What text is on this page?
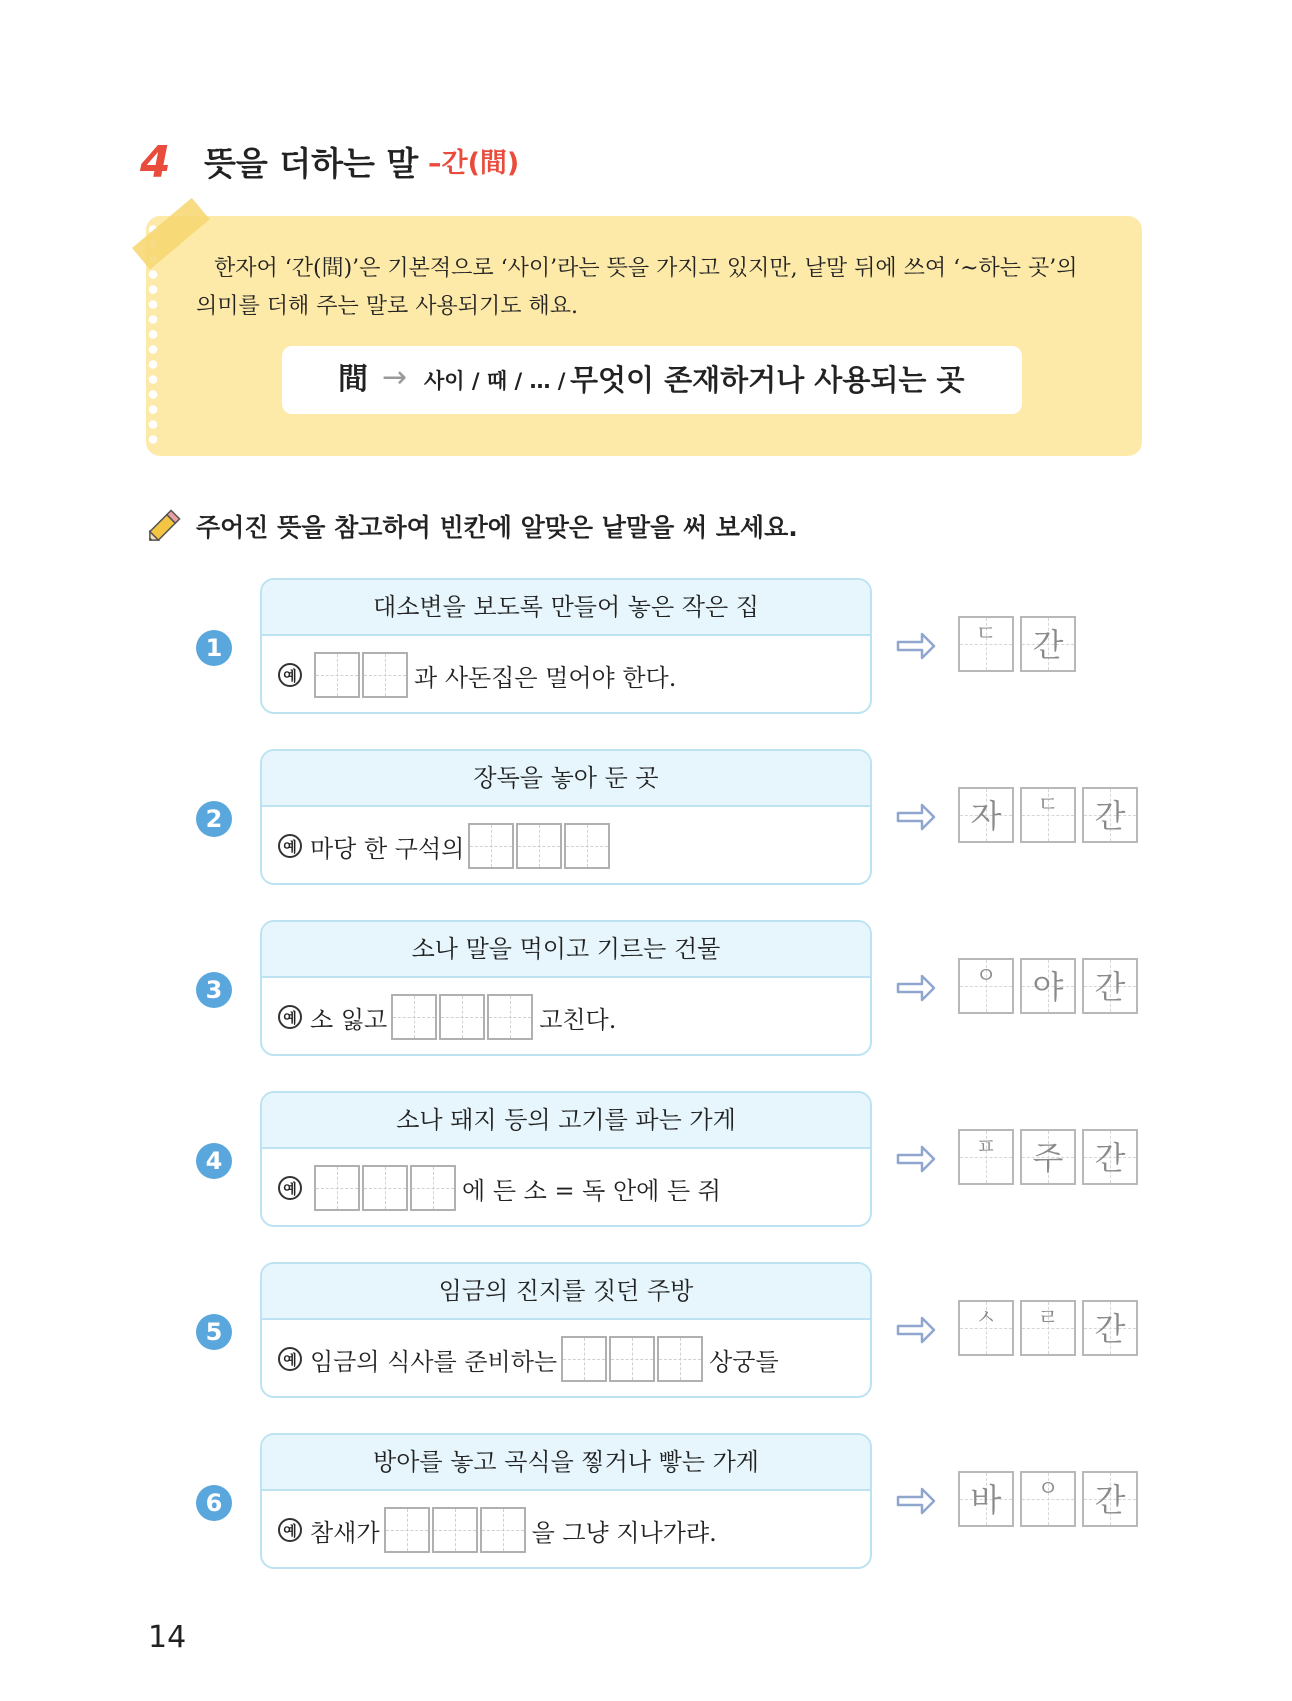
4 뜻을 더하는 말 –간(間)
한자어 ‘간(間)’은 기본적으로 ‘사이’라는 뜻을 가지고 있지만, 낱말 뒤에 쓰여 ‘~하는 곳’의 의미를 더해 주는 말로 사용되기도 해요.
間 → 사이 / 때 / … / 무엇이 존재하거나 사용되는 곳
주어진 뜻을 참고하여 빈칸에 알맞은 낱말을 써 보세요.
1
대소변을 보도록 만들어 놓은 작은 집
예	과 사돈집은 멀어야 한다.
ㄷ	간
2
장독을 놓아 둔 곳
예 마당 한 구석의
자	ㄷ	간
3
소나 말을 먹이고 기르는 건물
예 소 잃고	고친다.
ㅇ	야 간
4
소나 돼지 등의 고기를 파는 가게
예	에 든 소 = 독 안에 든 쥐
ㅍ	주 간
5
임금의 진지를 짓던 주방
예 임금의 식사를 준비하는	상궁들
ㅅ	ㄹ	간
6
방아를 놓고 곡식을 찧거나 빻는 가게
예 참새가	을 그냥 지나가랴.
바	ㅇ	간
14
